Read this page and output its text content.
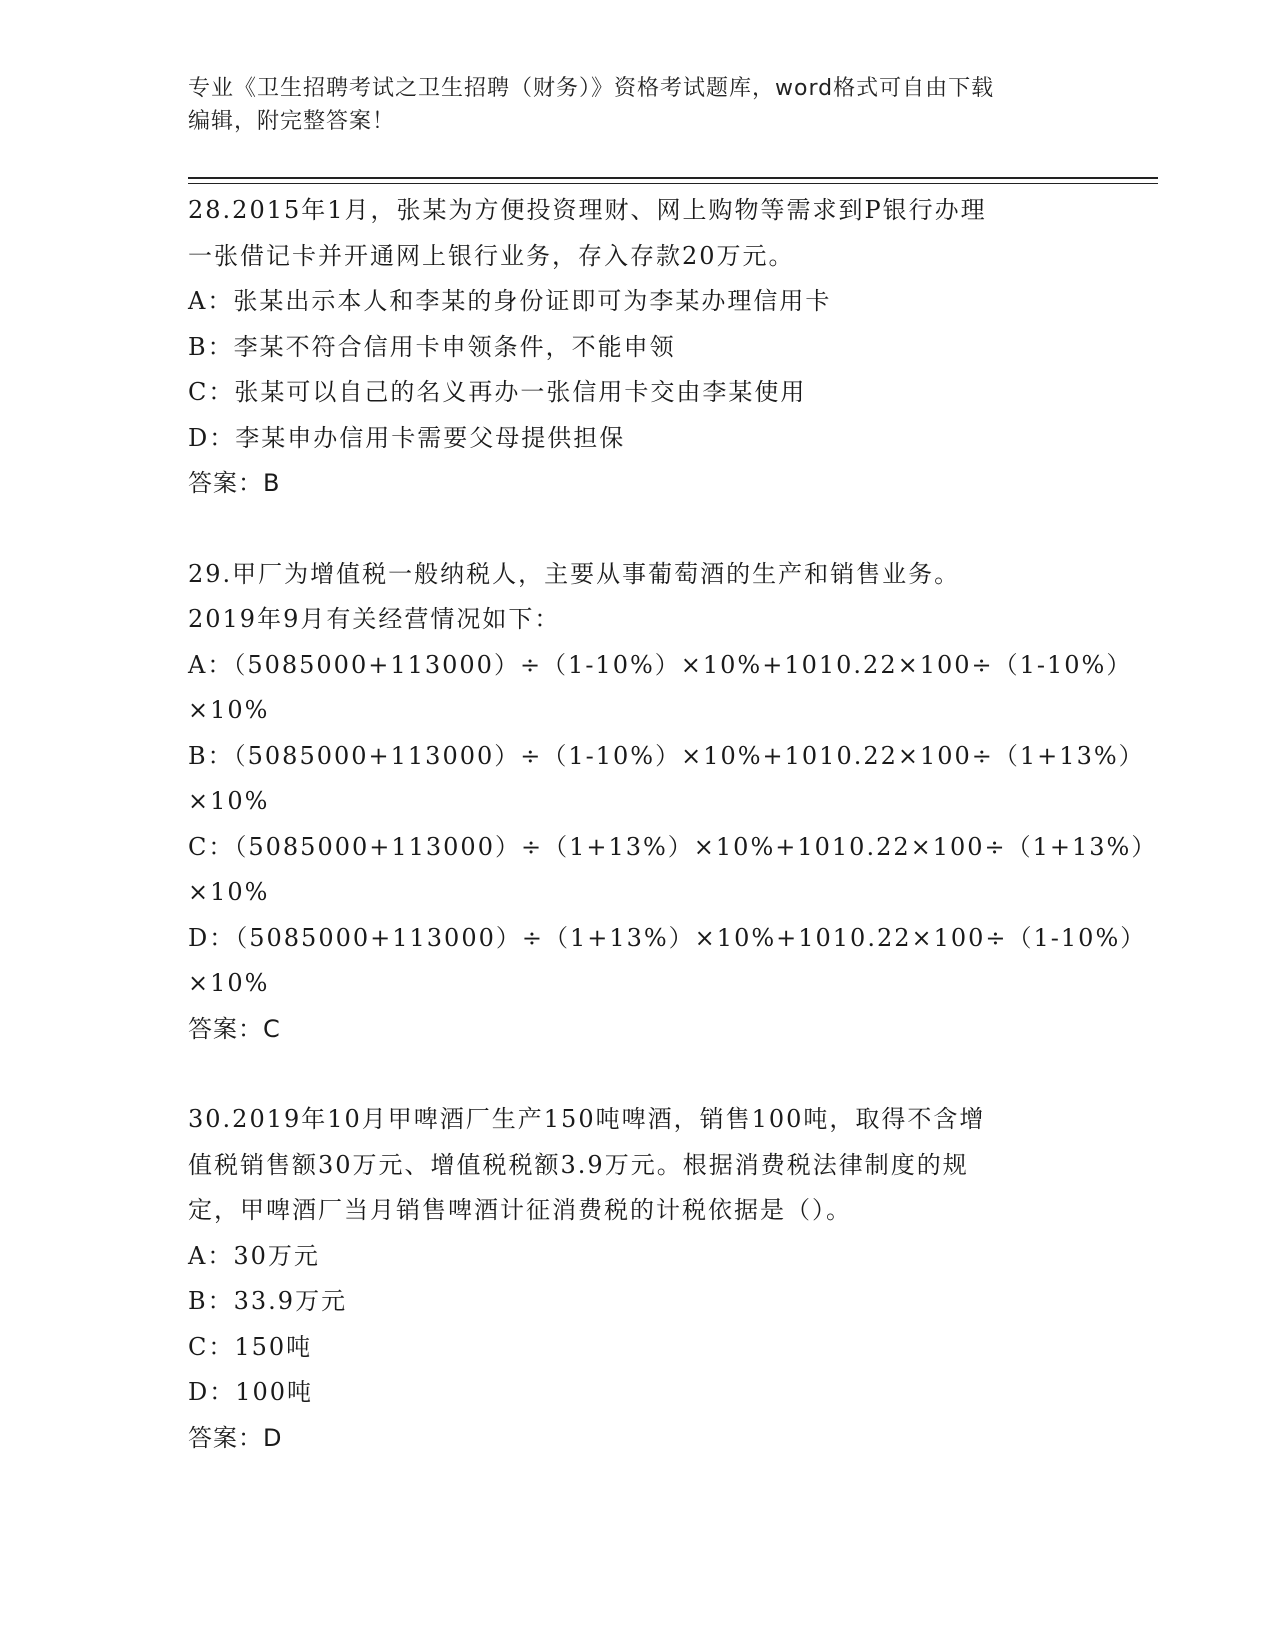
专业《卫生招聘考试之卫生招聘（财务）》资格考试题库，word格式可自由下载
编辑，附完整答案！
28.2015年1月，张某为方便投资理财、网上购物等需求到P银行办理
一张借记卡并开通网上银行业务，存入存款20万元。
A：张某出示本人和李某的身份证即可为李某办理信用卡
B：李某不符合信用卡申领条件，不能申领
C：张某可以自己的名义再办一张信用卡交由李某使用
D：李某申办信用卡需要父母提供担保
答案：B
29.甲厂为增值税一般纳税人，主要从事葡萄酒的生产和销售业务。
2019年9月有关经营情况如下：
A：（5085000+113000）÷（1-10%）×10%+1010.22×100÷（1-10%）
×10%
B：（5085000+113000）÷（1-10%）×10%+1010.22×100÷（1+13%）
×10%
C：（5085000+113000）÷（1+13%）×10%+1010.22×100÷（1+13%）
×10%
D：（5085000+113000）÷（1+13%）×10%+1010.22×100÷（1-10%）
×10%
答案：C
30.2019年10月甲啤酒厂生产150吨啤酒，销售100吨，取得不含增
值税销售额30万元、增值税税额3.9万元。根据消费税法律制度的规
定，甲啤酒厂当月销售啤酒计征消费税的计税依据是（）。
A：30万元
B：33.9万元
C：150吨
D：100吨
答案：D
